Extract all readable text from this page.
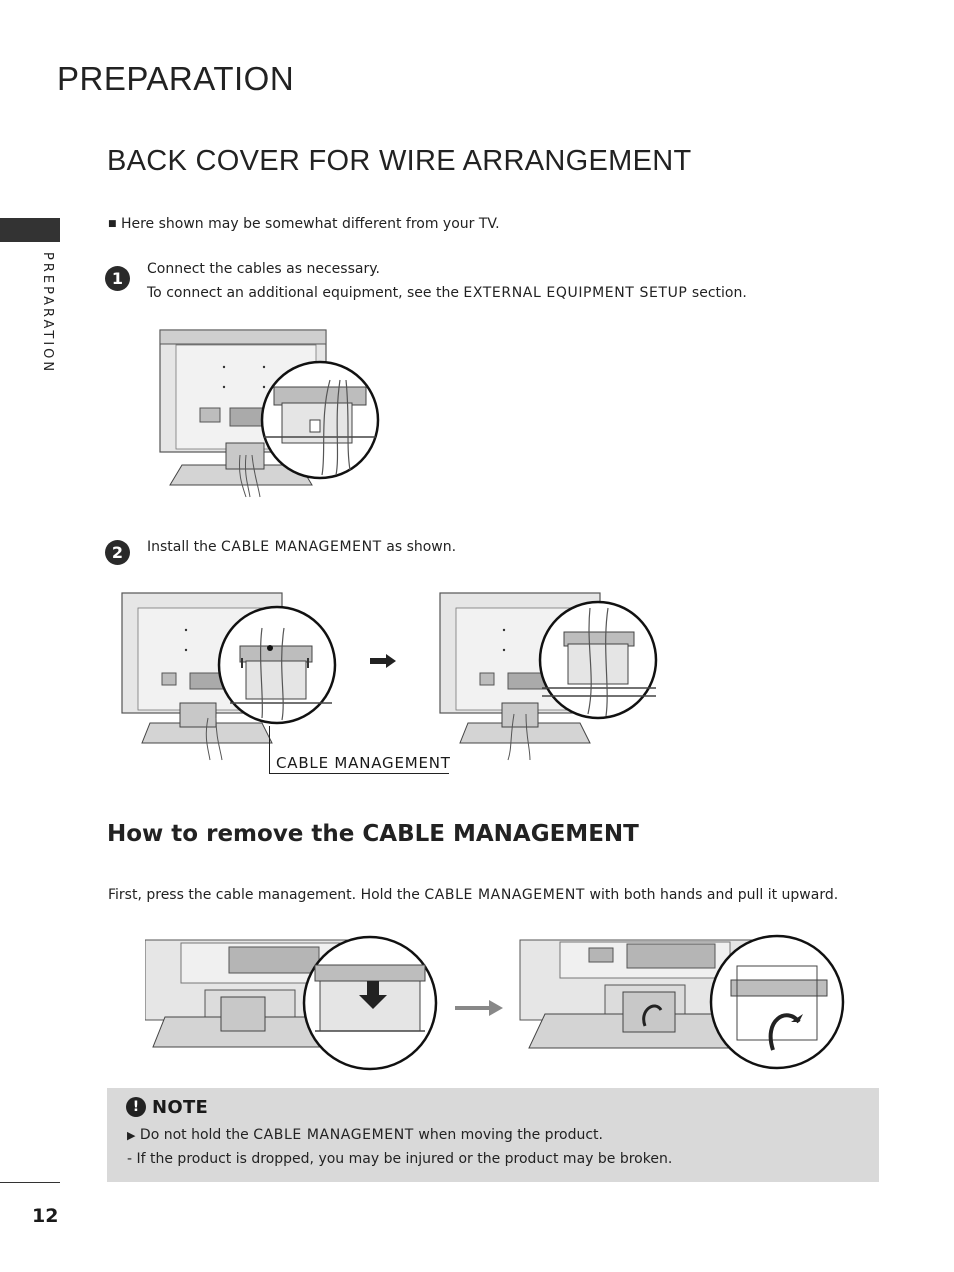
PREPARATION
PREPARATION
BACK COVER FOR WIRE ARRANGEMENT
■ Here shown may be somewhat different from your TV.
1	Connect the cables as necessary.
To connect an additional equipment, see the EXTERNAL EQUIPMENT SETUP section.
2	Install the CABLE MANAGEMENT as shown.
CABLE MANAGEMENT
How to remove the CABLE MANAGEMENT
First, press the cable management. Hold the CABLE MANAGEMENT with both hands and pull it upward.
! NOTE
▶ Do not hold the CABLE MANAGEMENT when moving the product.
- If the product is dropped, you may be injured or the product may be broken.
12
